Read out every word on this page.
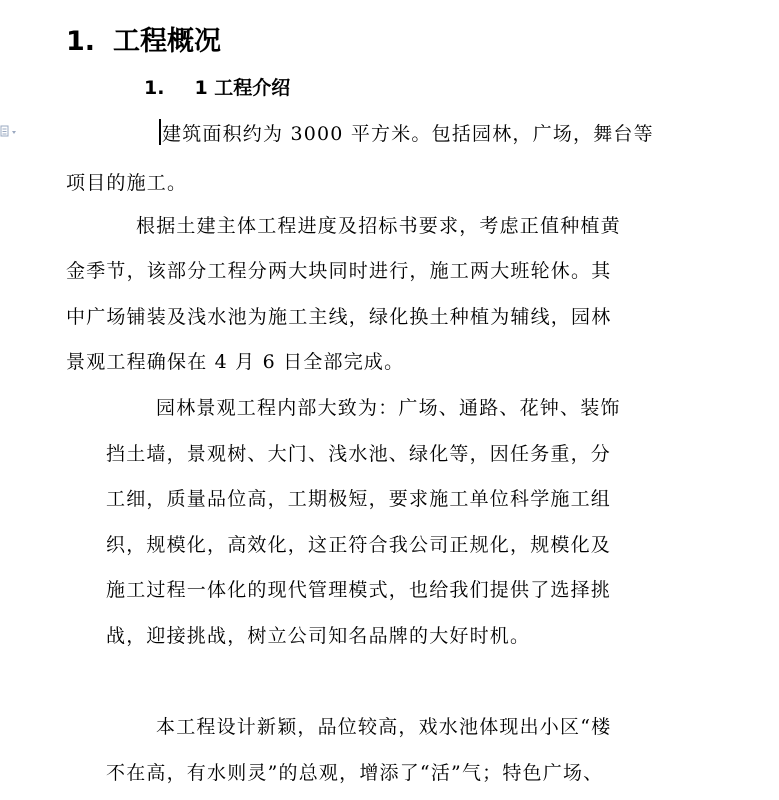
1. 工程概况
1. 1 工程介绍
建筑面积约为 3000 平方米。包括园林，广场，舞台等
项目的施工。
根据土建主体工程进度及招标书要求，考虑正值种植黄
金季节，该部分工程分两大块同时进行，施工两大班轮休。其
中广场铺装及浅水池为施工主线，绿化换土种植为辅线，园林
景观工程确保在 4 月 6 日全部完成。
园林景观工程内部大致为：广场、通路、花钟、装饰
挡土墙，景观树、大门、浅水池、绿化等，因任务重，分
工细，质量品位高，工期极短，要求施工单位科学施工组
织，规模化，高效化，这正符合我公司正规化，规模化及
施工过程一体化的现代管理模式，也给我们提供了选择挑
战，迎接挑战，树立公司知名品牌的大好时机。
本工程设计新颖，品位较高，戏水池体现出小区“楼
不在高，有水则灵”的总观，增添了“活”气；特色广场、
